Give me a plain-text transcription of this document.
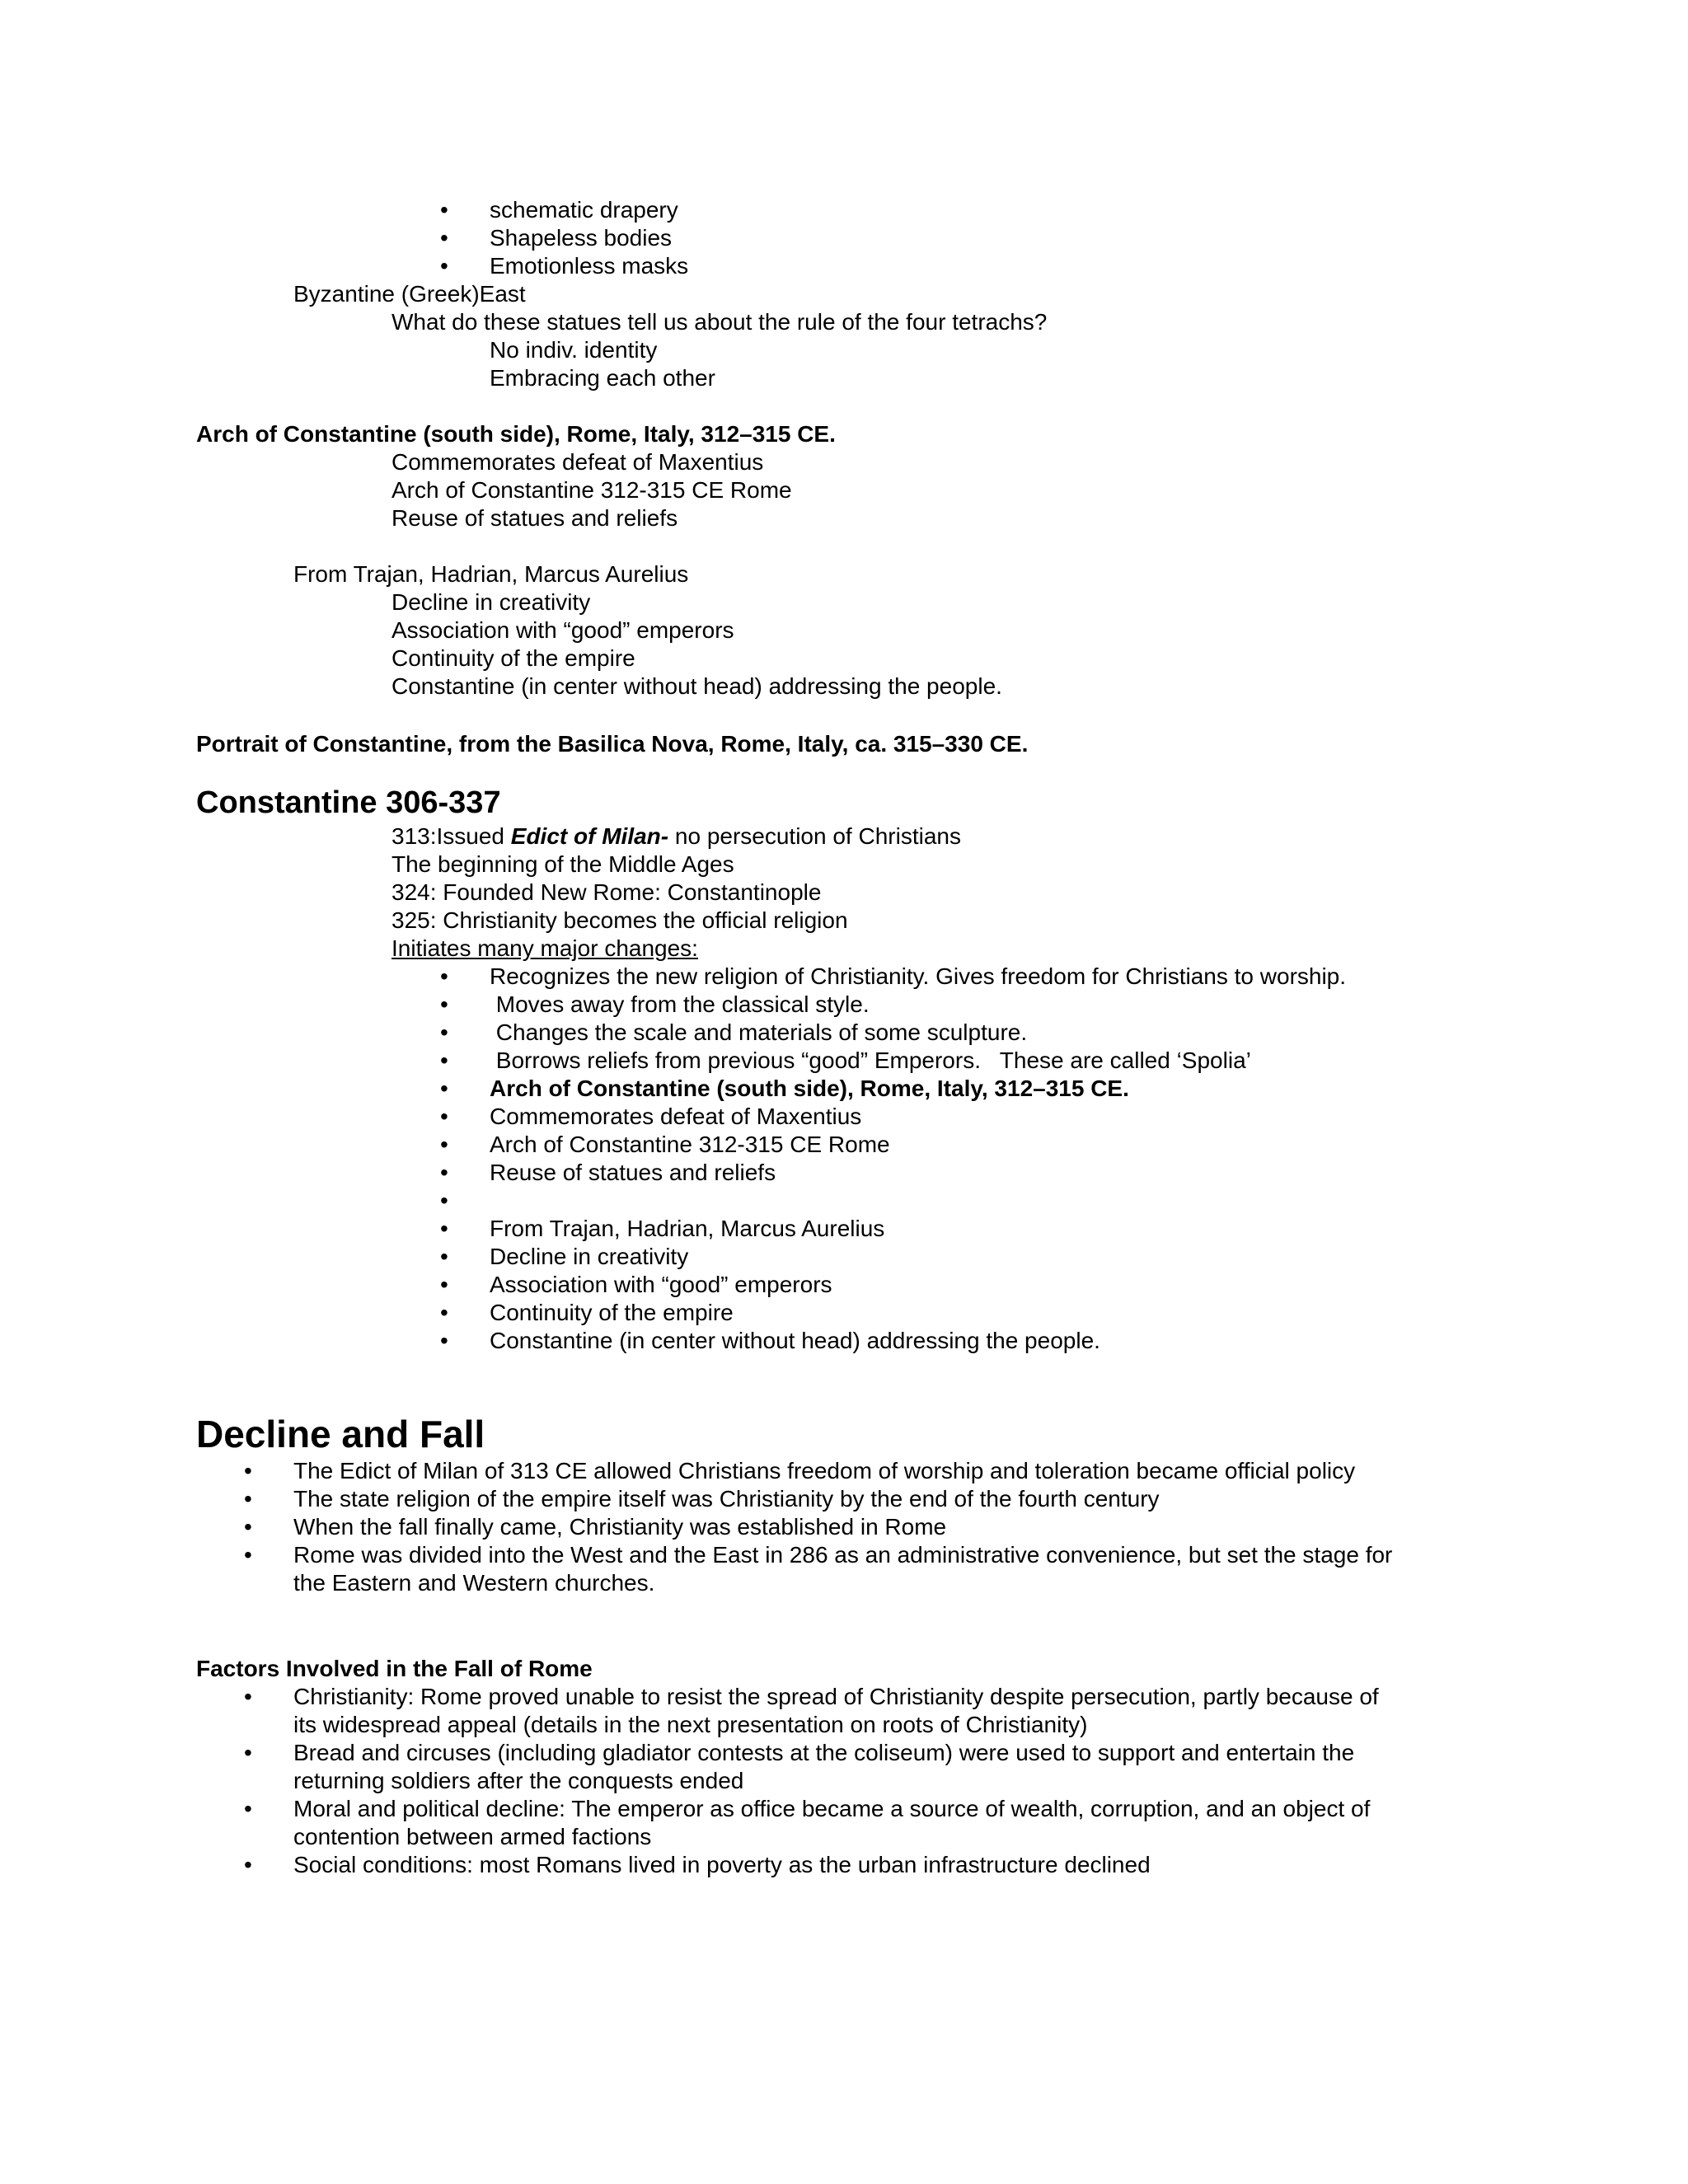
• schematic drapery
• Shapeless bodies
• Emotionless masks
Byzantine (Greek)East
What do these statues tell us about the rule of the four tetrachs?
No indiv. identity
Embracing each other
Arch of Constantine (south side), Rome, Italy, 312–315 CE.
Commemorates defeat of Maxentius
Arch of Constantine 312-315 CE Rome
Reuse of statues and reliefs
From Trajan, Hadrian, Marcus Aurelius
Decline in creativity
Association with “good” emperors
Continuity of the empire
Constantine (in center without head) addressing the people.
Portrait of Constantine, from the Basilica Nova, Rome, Italy, ca. 315–330 CE.
Constantine 306-337
313:Issued Edict of Milan- no persecution of Christians
The beginning of the Middle Ages
324: Founded New Rome: Constantinople
325: Christianity becomes the official religion
Initiates many major changes:
• Recognizes the new religion of Christianity. Gives freedom for Christians to worship.
• Moves away from the classical style.
• Changes the scale and materials of some sculpture.
• Borrows reliefs from previous “good” Emperors.   These are called ‘Spolia’
• Arch of Constantine (south side), Rome, Italy, 312–315 CE.
• Commemorates defeat of Maxentius
• Arch of Constantine 312-315 CE Rome
• Reuse of statues and reliefs
•
• From Trajan, Hadrian, Marcus Aurelius
• Decline in creativity
• Association with “good” emperors
• Continuity of the empire
• Constantine (in center without head) addressing the people.
Decline and Fall
• The Edict of Milan of 313 CE allowed Christians freedom of worship and toleration became official policy
• The state religion of the empire itself was Christianity by the end of the fourth century
• When the fall finally came, Christianity was established in Rome
• Rome was divided into the West and the East in 286 as an administrative convenience, but set the stage for
the Eastern and Western churches.
Factors Involved in the Fall of Rome
• Christianity: Rome proved unable to resist the spread of Christianity despite persecution, partly because of
its widespread appeal (details in the next presentation on roots of Christianity)
• Bread and circuses (including gladiator contests at the coliseum) were used to support and entertain the
returning soldiers after the conquests ended
• Moral and political decline: The emperor as office became a source of wealth, corruption, and an object of
contention between armed factions
• Social conditions: most Romans lived in poverty as the urban infrastructure declined
